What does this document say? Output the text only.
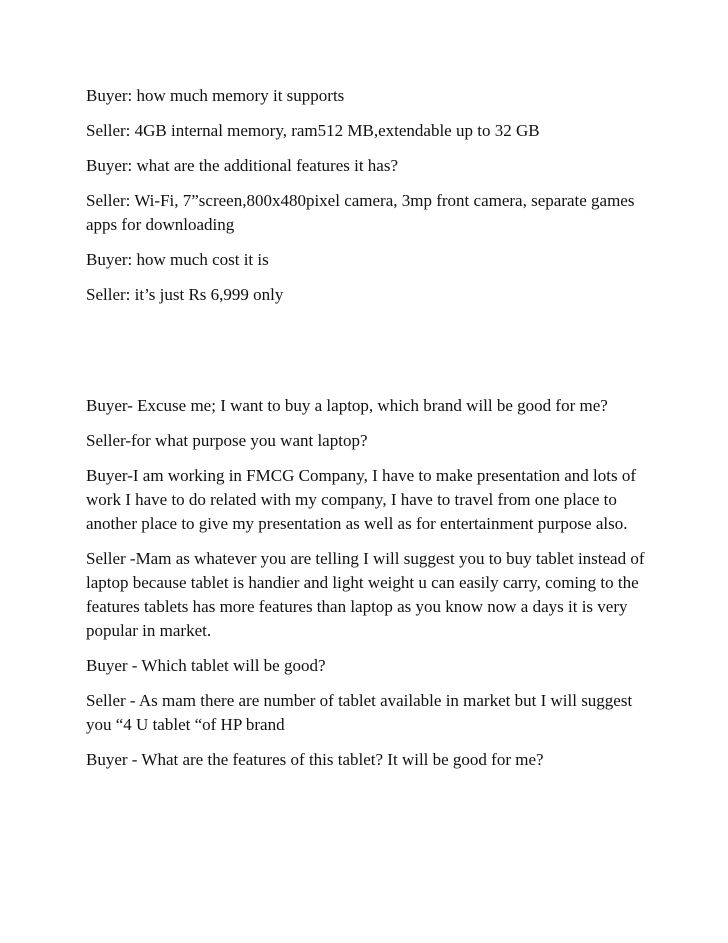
Buyer: how much memory it supports

Seller: 4GB internal memory, ram512 MB,extendable up to 32 GB

Buyer: what are the additional features it has?

Seller: Wi-Fi, 7”screen,800x480pixel camera, 3mp front camera, separate games apps for downloading

Buyer: how much cost it is

Seller: it’s just Rs 6,999 only

Buyer- Excuse me; I want to buy a laptop, which brand will be good for me?

Seller-for what purpose you want laptop?

Buyer-I am working in FMCG Company, I have to make presentation and lots of work I have to do related with my company, I have to travel from one place to another place to give my presentation as well as for entertainment purpose also.

Seller -Mam as whatever you are telling I will suggest you to buy tablet instead of laptop because tablet is handier and light weight u can easily carry, coming to the features tablets has more features than laptop as you know now a days it is very popular in market.

Buyer - Which tablet will be good?

Seller - As mam there are number of tablet available in market but I will suggest you “4 U tablet “of HP brand

Buyer - What are the features of this tablet? It will be good for me?
